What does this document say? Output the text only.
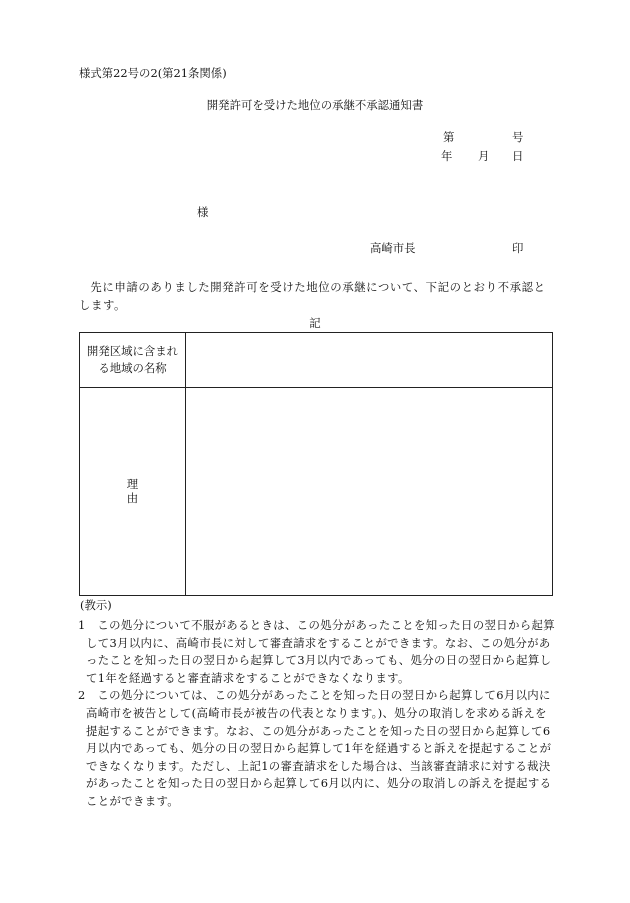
様式第22号の2(第21条関係)
開発許可を受けた地位の承継不承認通知書
第	号
年 月 日
様
高崎市長	印
先に申請のありました開発許可を受けた地位の承継について、下記のとおり不承認とします。
記
開発区域に含まれる地域の名称
理由
(教示)
1	この処分について不服があるときは、この処分があったことを知った日の翌日から起算して3月以内に、高崎市長に対して審査請求をすることができます。なお、この処分があったことを知った日の翌日から起算して3月以内であっても、処分の日の翌日から起算して1年を経過すると審査請求をすることができなくなります。
2	この処分については、この処分があったことを知った日の翌日から起算して6月以内に高崎市を被告として(高崎市長が被告の代表となります。)、処分の取消しを求める訴えを提起することができます。なお、この処分があったことを知った日の翌日から起算して6月以内であっても、処分の日の翌日から起算して1年を経過すると訴えを提起することができなくなります。ただし、上記1の審査請求をした場合は、当該審査請求に対する裁決があったことを知った日の翌日から起算して6月以内に、処分の取消しの訴えを提起することができます。
